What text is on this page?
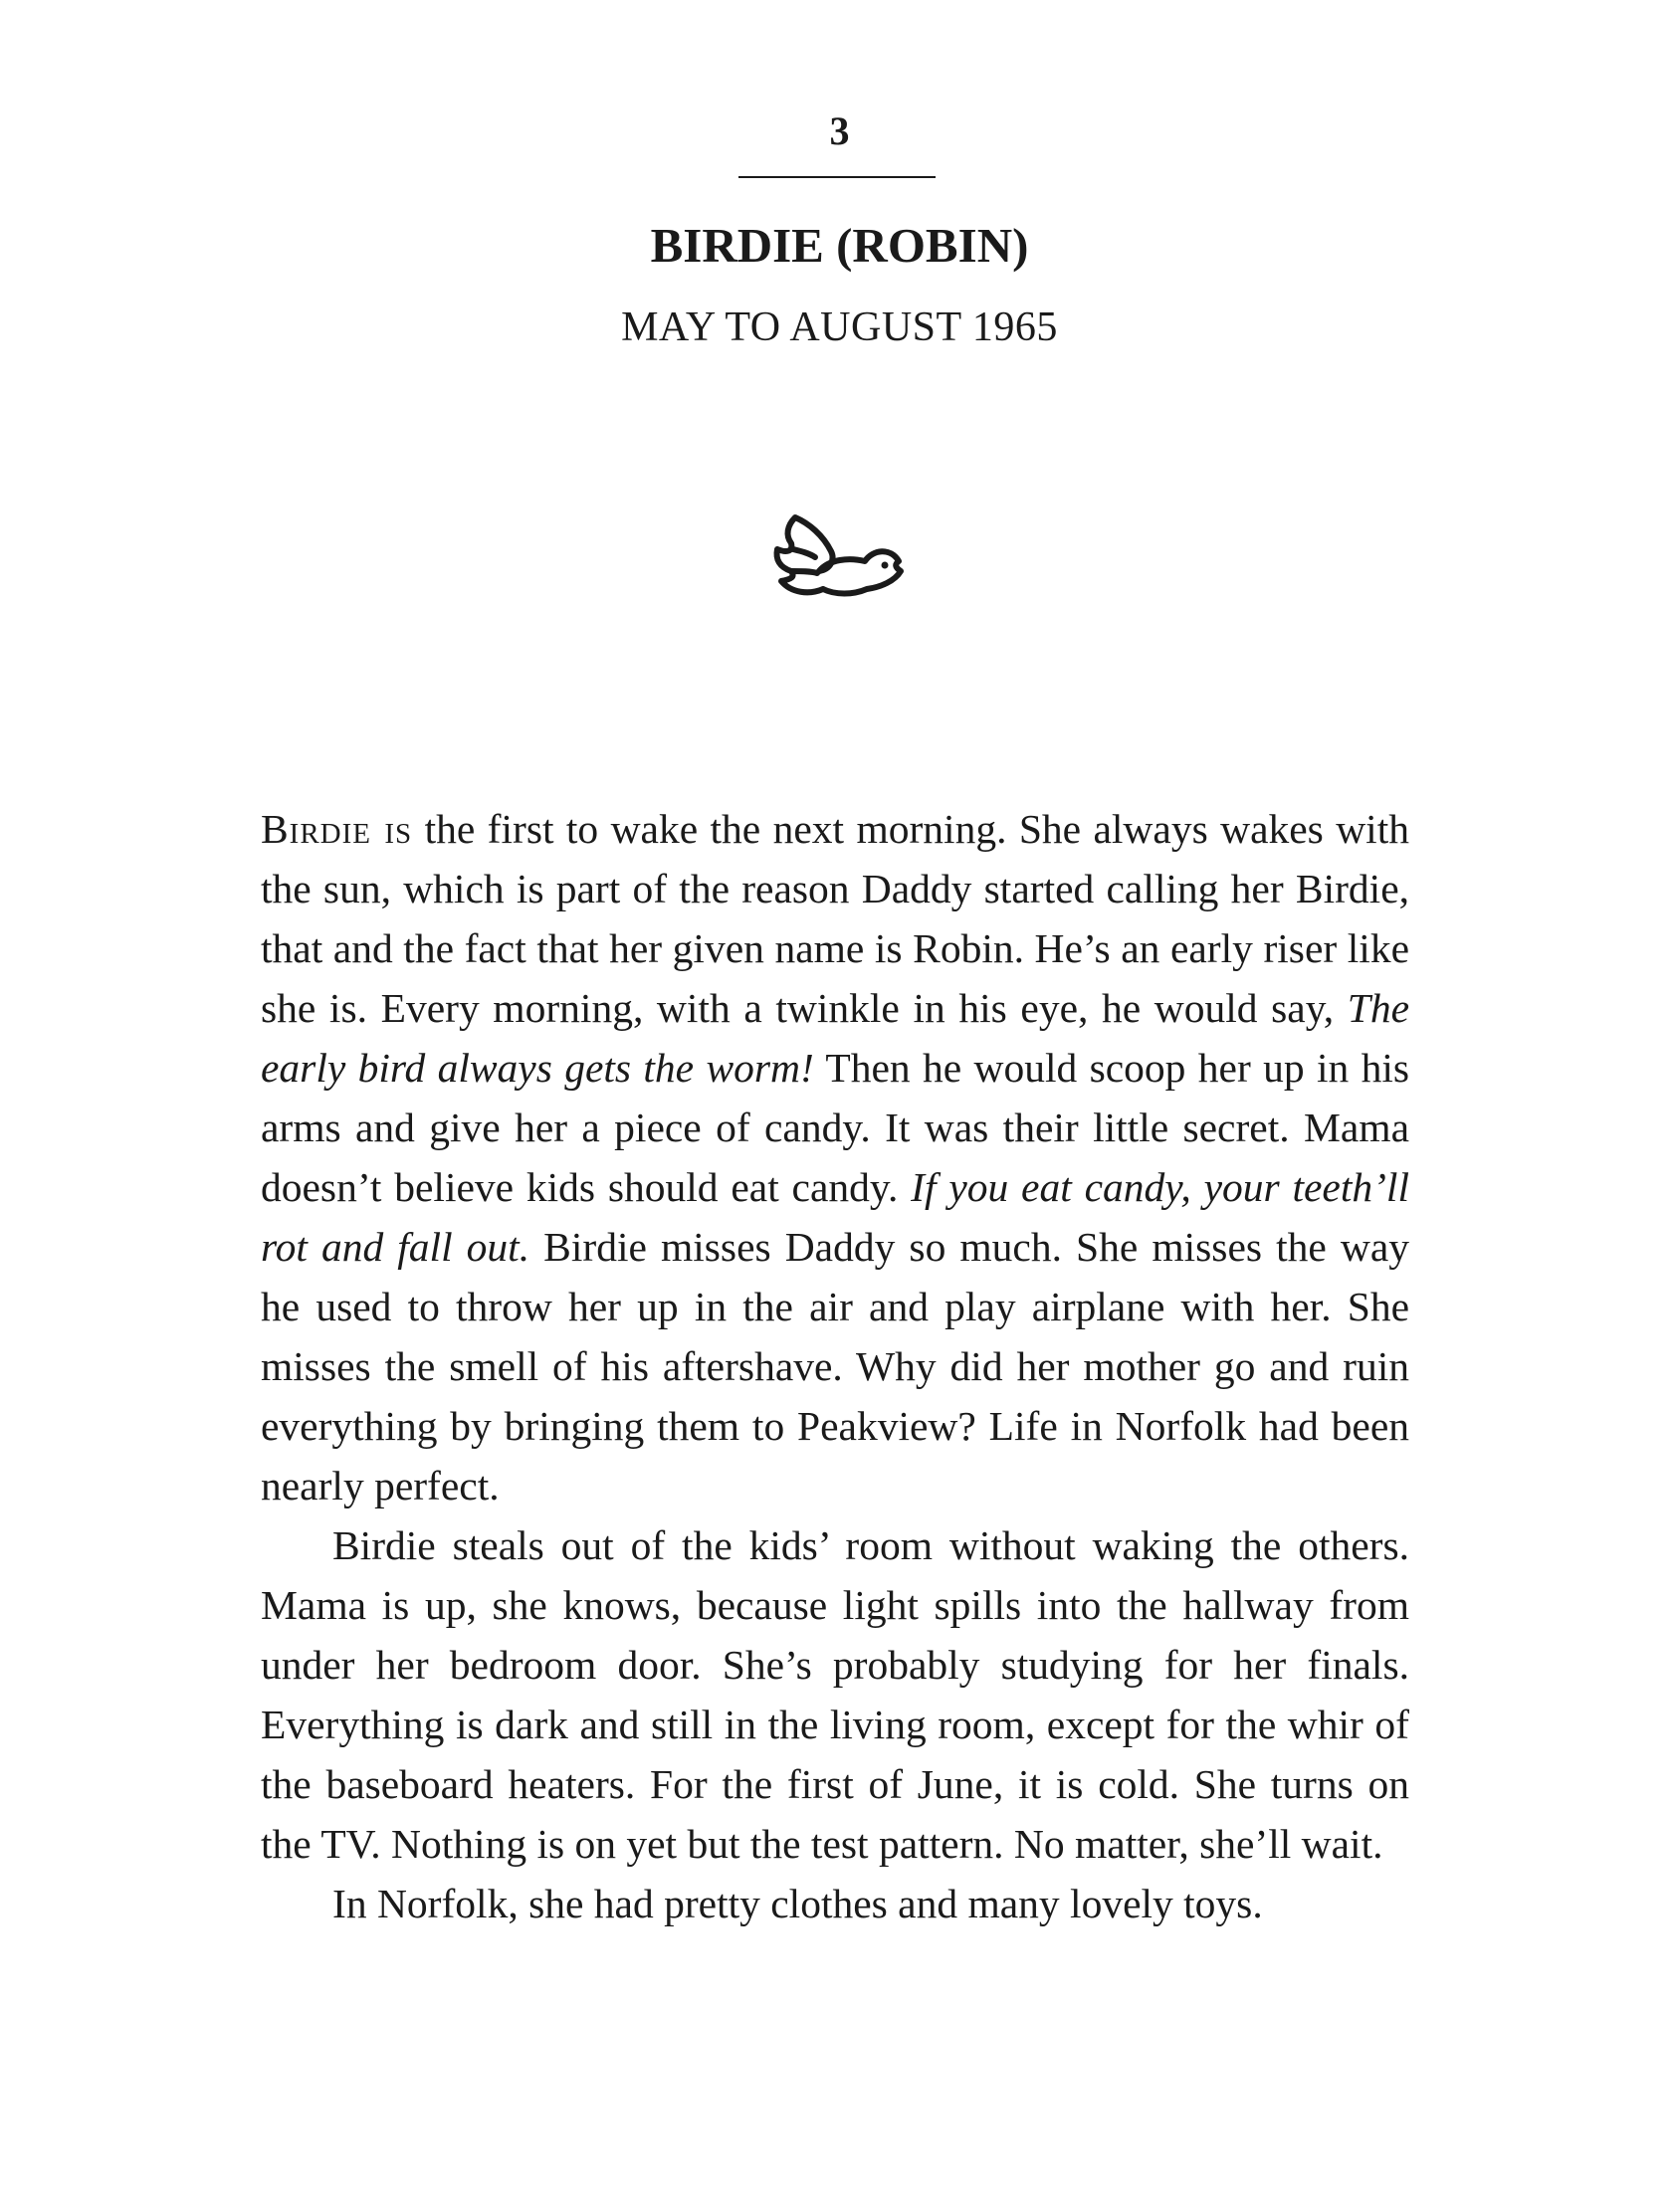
3
BIRDIE (ROBIN)
MAY TO AUGUST 1965

Birdie is the first to wake the next morning. She always wakes with the sun, which is part of the reason Daddy started calling her Birdie, that and the fact that her given name is Robin. He’s an early riser like she is. Every morning, with a twinkle in his eye, he would say, The early bird always gets the worm! Then he would scoop her up in his arms and give her a piece of candy. It was their little secret. Mama doesn’t believe kids should eat candy. If you eat candy, your teeth’ll rot and fall out. Birdie misses Daddy so much. She misses the way he used to throw her up in the air and play airplane with her. She misses the smell of his aftershave. Why did her mother go and ruin everything by bringing them to Peakview? Life in Norfolk had been nearly perfect.

Birdie steals out of the kids’ room without waking the others. Mama is up, she knows, because light spills into the hallway from under her bedroom door. She’s probably studying for her finals. Everything is dark and still in the living room, except for the whir of the baseboard heaters. For the first of June, it is cold. She turns on the TV. Nothing is on yet but the test pattern. No matter, she’ll wait.

In Norfolk, she had pretty clothes and many lovely toys.
